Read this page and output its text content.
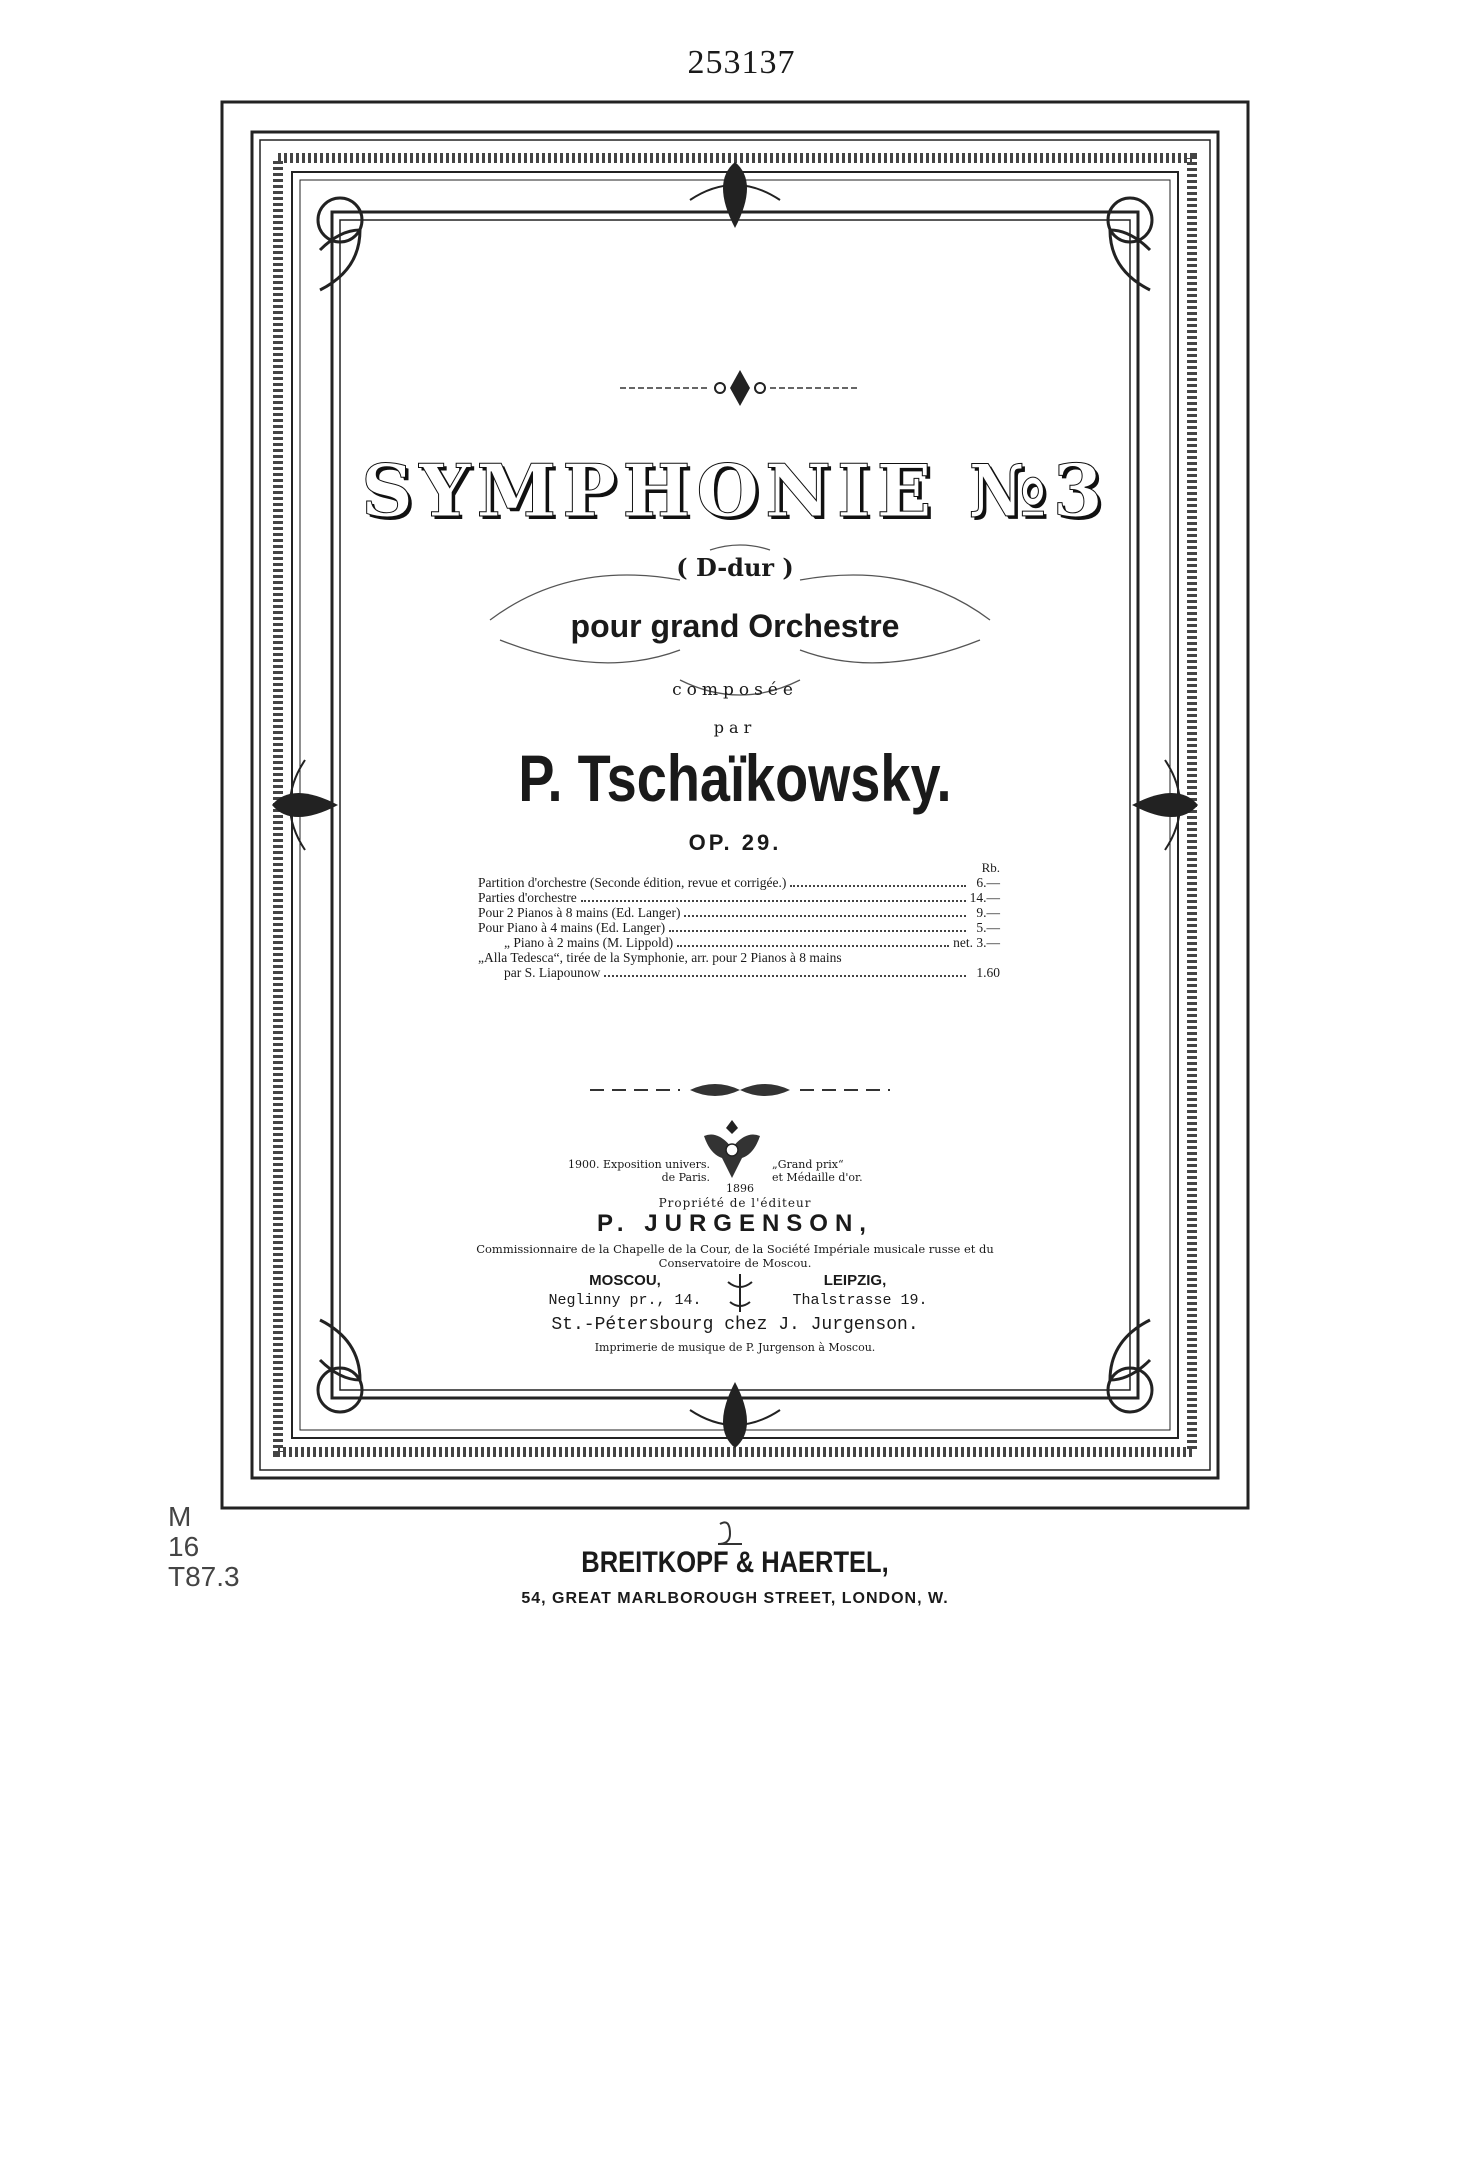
253137
SYMPHONIE №3
( D-dur )
pour grand Orchestre
composée
par
P. Tschaïkowsky.
OP. 29.
Rb.
Partition d'orchestre (Seconde édition, revue et corrigée.)	6.—
Parties d'orchestre	14.—
Pour 2 Pianos à 8 mains (Ed. Langer)	9.—
Pour Piano à 4 mains (Ed. Langer)	5.—
„ Piano à 2 mains (M. Lippold)	net. 3.—
„Alla Tedesca“, tirée de la Symphonie, arr. pour 2 Pianos à 8 mains
par S. Liapounow	1.60
1900. Exposition univers.
de Paris.
„Grand prix“
et Médaille d'or.
1896
Propriété de l'éditeur
P. JURGENSON,
Commissionnaire de la Chapelle de la Cour, de la Société Impériale musicale russe et du
Conservatoire de Moscou.
MOSCOU,	LEIPZIG,
Neglinny pr., 14.	Thalstrasse 19.
St.-Pétersbourg chez J. Jurgenson.
Imprimerie de musique de P. Jurgenson à Moscou.
M
16
T87.3	BREITKOPF & HAERTEL,
54, GREAT MARLBOROUGH STREET, LONDON, W.
